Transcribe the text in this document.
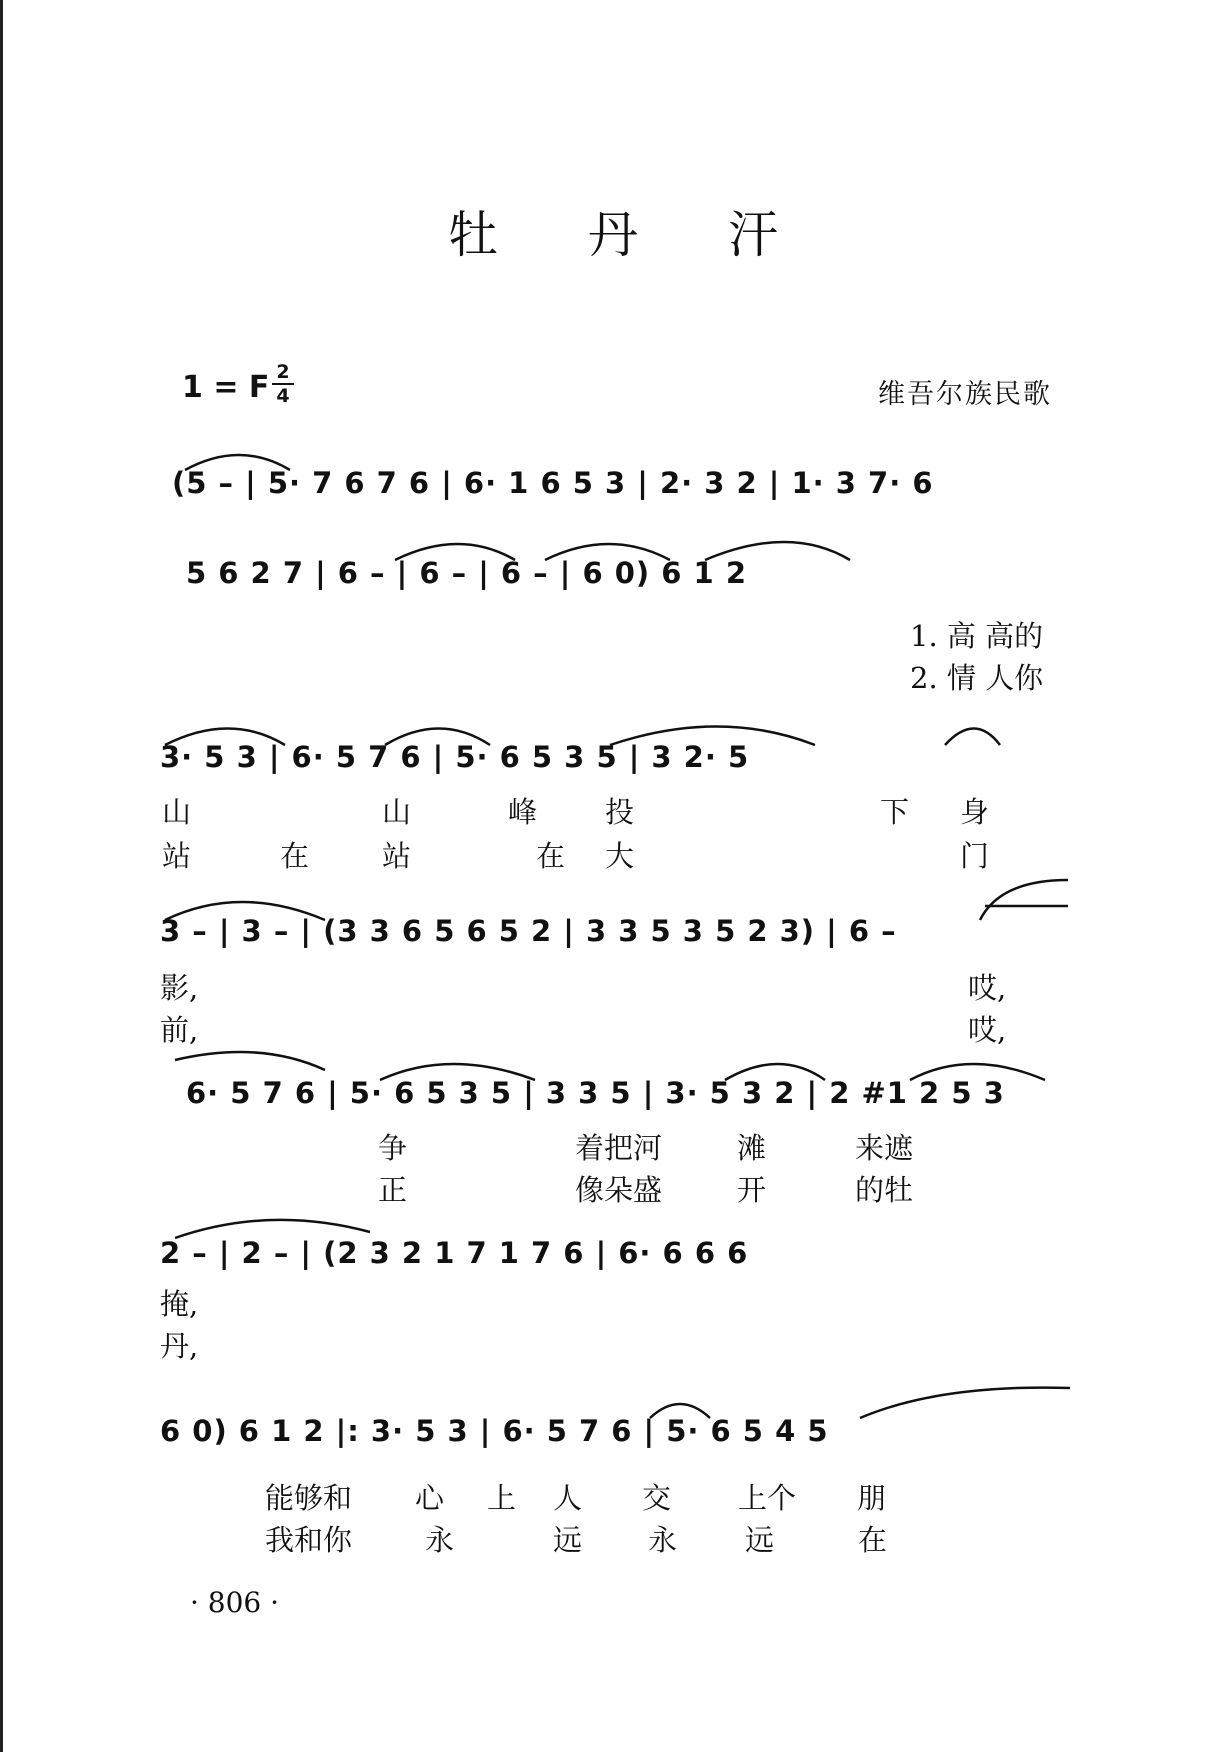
牡丹汗
1 = F 2
4	维吾尔族民歌
(5 – | 5· 7 6 7 6 | 6· 1 6 5 3 | 2· 3 2 | 1· 3 7· 6
5 6 2 7 | 6 – | 6 – | 6 – | 6 0) 6 1 2
1. 高 高的
2. 情 人你
3· 5 3 | 6· 5 7 6 | 5· 6 5 3 5 | 3 2· 5
山	山	峰 投	下 身
站	在	站	在 大	门
3 – | 3 – | (3 3 6 5 6 5 2 | 3 3 5 3 5 2 3) | 6 –
影,	哎,
前,	哎,
6· 5 7 6 | 5· 6 5 3 5 | 3 3 5 | 3· 5 3 2 | 2 #1 2 5 3
争	着把河	滩	来遮
正	像朵盛	开	的牡
2 – | 2 – | (2 3 2 1 7 1 7 6 | 6· 6 6 6
掩,
丹,
6 0) 6 1 2 |: 3· 5 3 | 6· 5 7 6 | 5· 6 5 4 5
能够和 心 上 人 交 上个 朋
我和你	永	远 永 远	在
· 806 ·
